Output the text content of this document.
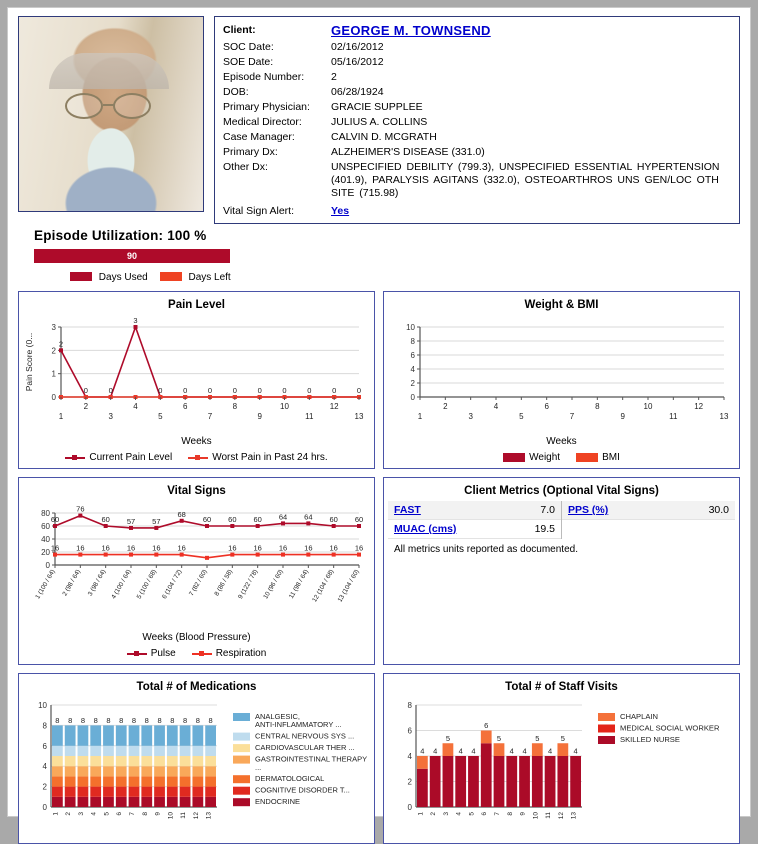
Client:	GEORGE M. TOWNSEND
SOC Date:	02/16/2012
SOE Date:	05/16/2012
Episode Number:	2
DOB:	06/28/1924
Primary Physician:	GRACIE SUPPLEE
Medical Director:	JULIUS A. COLLINS
Case Manager:	CALVIN D. MCGRATH
Primary Dx:	ALZHEIMER'S DISEASE (331.0)
Other Dx:	UNSPECIFIED DEBILITY (799.3), UNSPECIFIED ESSENTIAL HYPERTENSION (401.9), PARALYSIS AGITANS (332.0), OSTEOARTHROS UNS GEN/LOC OTH SITE (715.98)
Vital Sign Alert:	Yes
Episode Utilization: 100 %
90
Days Used	Days Left
Pain Level
0
1
2
3
2
0	0
3
0	0	0	0	0	0	0	0	0
1
2
3
4
5
6
7
8
9
10
11
12
13
Pain Score (0...
Weeks
Current Pain Level	Worst Pain in Past 24 hrs.
Weight & BMI
0
2
4
6
8
10
1
2
3
4
5
6
7
8
9
10
11
12
13
Weeks
Weight	BMI
Vital Signs
0
20
40
60
80
60
76
60 57 57
68
60 60 60 64 64 60 60
16 16 16 16 16 16	16 16 16 16 16 16
1 (100 / 64) 2 (98 / 64) 3 (98 / 64) 4 (100 / 64) 5 (100 / 68) 6 (104 / 72) 7 (82 / 60) 8 (86 / 58) 9 (122 / 78) 10 (96 / 60) 11 (98 / 64) 12 (104 / 68) 13 (104 / 60)
Weeks (Blood Pressure)
Pulse	Respiration
Client Metrics (Optional Vital Signs)
FAST	7.0
MUAC (cms)	19.5
PPS (%)	30.0

All metrics units reported as documented.
Total # of Medications
0
2
4
6
8
10
8
1
8
2
8
3
8
4
8
5
8
6
8
7
8
8
8
9
8
10
8
11
8
12
8
13
ANALGESIC,
ANTI-INFLAMMATORY ...
CENTRAL NERVOUS SYS ...
CARDIOVASCULAR THER ...
GASTROINTESTINAL THERAPY
...
DERMATOLOGICAL
COGNITIVE DISORDER T...
ENDOCRINE
Total # of Staff Visits
0
2
4
6
8
4
1
4
2
5
3
4
4
4
5
6
6
5
7
4
8
4
9
5
10
4
11
5
12
4
13
CHAPLAIN
MEDICAL SOCIAL WORKER
SKILLED NURSE
